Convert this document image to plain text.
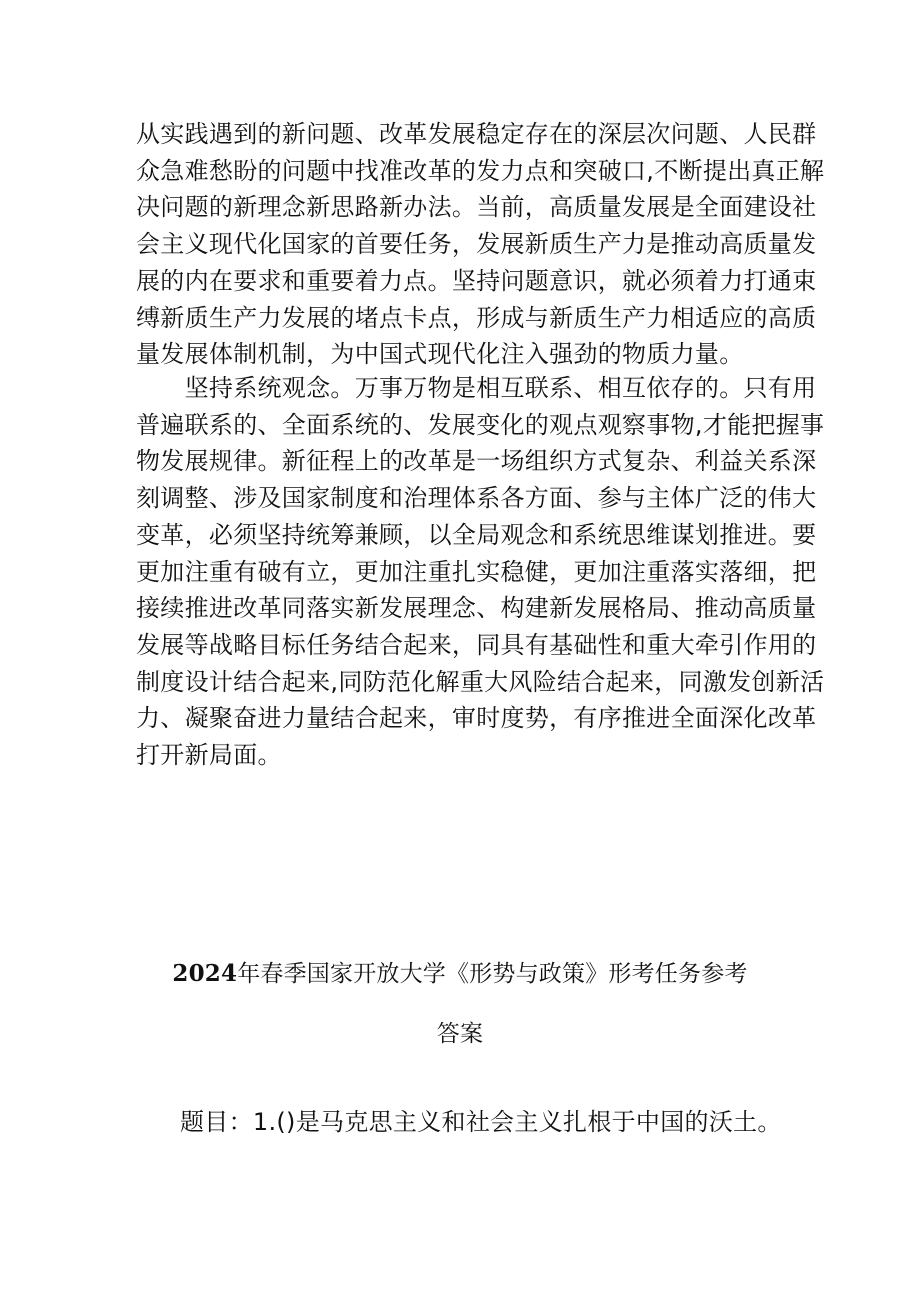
从实践遇到的新问题、改革发展稳定存在的深层次问题、人民群
众急难愁盼的问题中找准改革的发力点和突破口,不断提出真正解
决问题的新理念新思路新办法。当前，高质量发展是全面建设社
会主义现代化国家的首要任务，发展新质生产力是推动高质量发
展的内在要求和重要着力点。坚持问题意识，就必须着力打通束
缚新质生产力发展的堵点卡点，形成与新质生产力相适应的高质
量发展体制机制，为中国式现代化注入强劲的物质力量。
　　坚持系统观念。万事万物是相互联系、相互依存的。只有用
普遍联系的、全面系统的、发展变化的观点观察事物,才能把握事
物发展规律。新征程上的改革是一场组织方式复杂、利益关系深
刻调整、涉及国家制度和治理体系各方面、参与主体广泛的伟大
变革，必须坚持统筹兼顾，以全局观念和系统思维谋划推进。要
更加注重有破有立，更加注重扎实稳健，更加注重落实落细，把
接续推进改革同落实新发展理念、构建新发展格局、推动高质量
发展等战略目标任务结合起来，同具有基础性和重大牵引作用的
制度设计结合起来,同防范化解重大风险结合起来，同激发创新活
力、凝聚奋进力量结合起来，审时度势，有序推进全面深化改革
打开新局面。
2024年春季国家开放大学《形势与政策》形考任务参考
答案

题目：1.()是马克思主义和社会主义扎根于中国的沃土。
